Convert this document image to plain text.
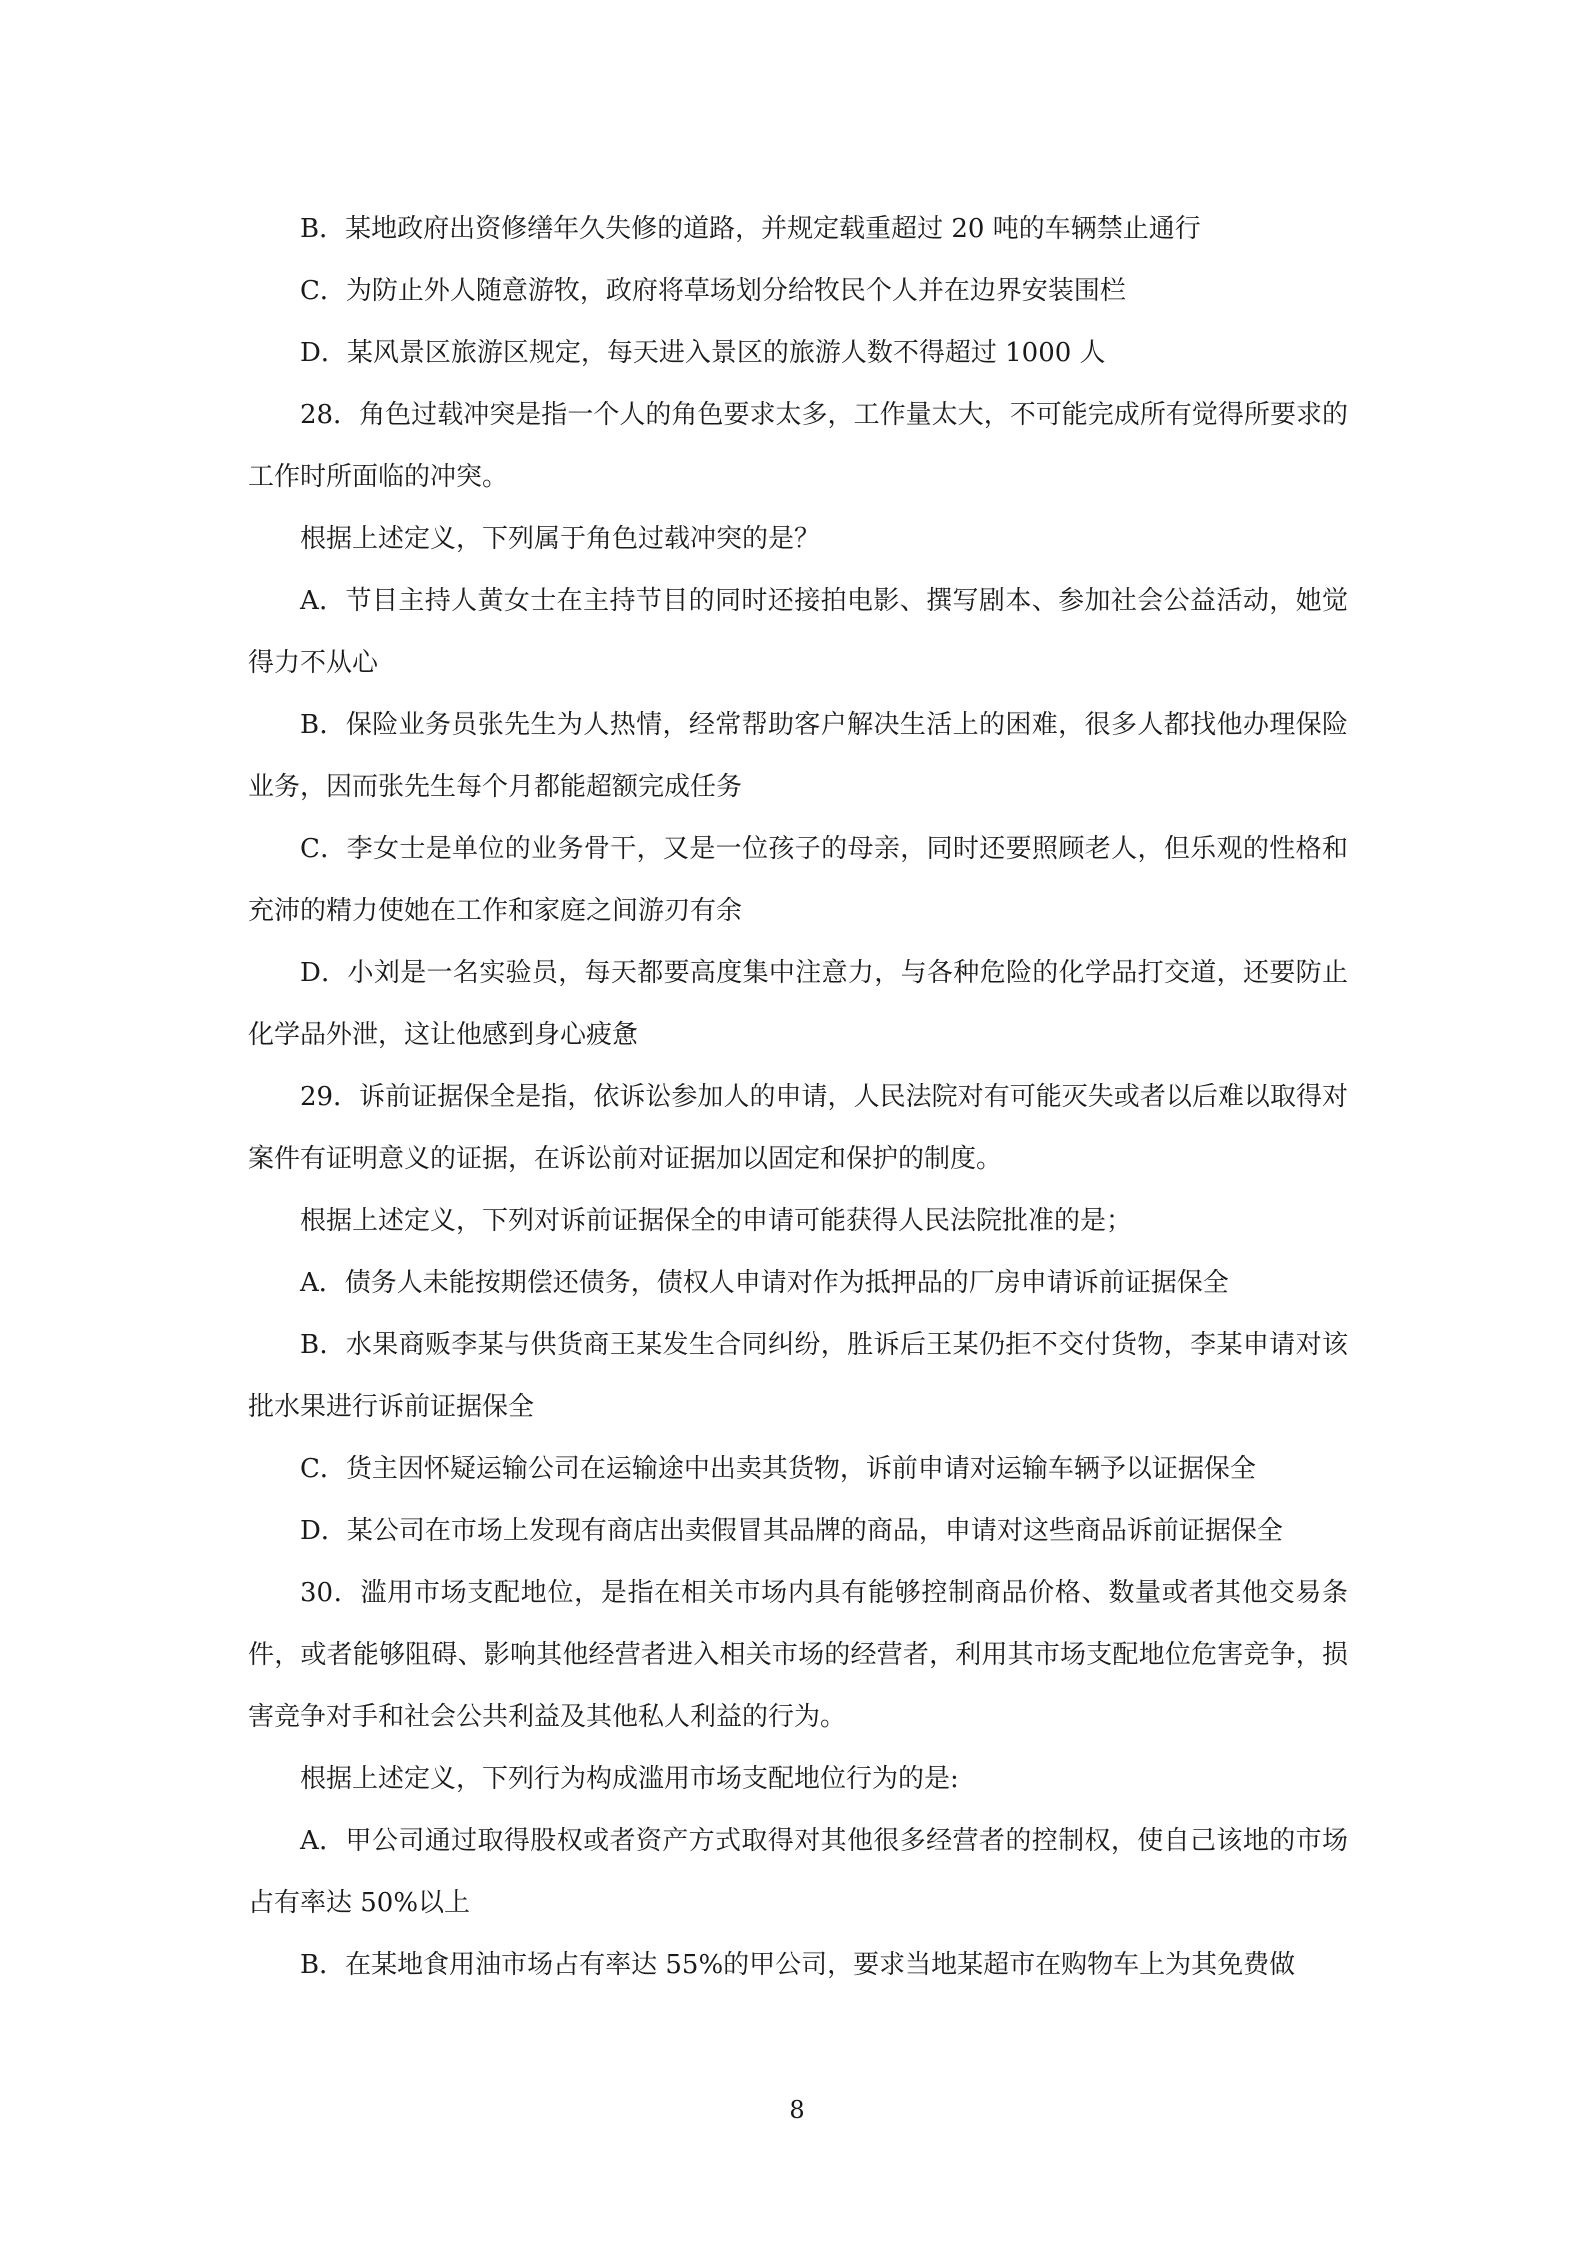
B．某地政府出资修缮年久失修的道路，并规定载重超过 20 吨的车辆禁止通行

C．为防止外人随意游牧，政府将草场划分给牧民个人并在边界安装围栏

D．某风景区旅游区规定，每天进入景区的旅游人数不得超过 1000 人

28．角色过载冲突是指一个人的角色要求太多，工作量太大，不可能完成所有觉得所要求的工作时所面临的冲突。

根据上述定义，下列属于角色过载冲突的是？

A．节目主持人黄女士在主持节目的同时还接拍电影、撰写剧本、参加社会公益活动，她觉得力不从心

B．保险业务员张先生为人热情，经常帮助客户解决生活上的困难，很多人都找他办理保险业务，因而张先生每个月都能超额完成任务

C．李女士是单位的业务骨干，又是一位孩子的母亲，同时还要照顾老人，但乐观的性格和充沛的精力使她在工作和家庭之间游刃有余

D．小刘是一名实验员，每天都要高度集中注意力，与各种危险的化学品打交道，还要防止化学品外泄，这让他感到身心疲惫

29．诉前证据保全是指，依诉讼参加人的申请，人民法院对有可能灭失或者以后难以取得对案件有证明意义的证据，在诉讼前对证据加以固定和保护的制度。

根据上述定义，下列对诉前证据保全的申请可能获得人民法院批准的是；

A．债务人未能按期偿还债务，债权人申请对作为抵押品的厂房申请诉前证据保全

B．水果商贩李某与供货商王某发生合同纠纷，胜诉后王某仍拒不交付货物，李某申请对该批水果进行诉前证据保全

C．货主因怀疑运输公司在运输途中出卖其货物，诉前申请对运输车辆予以证据保全

D．某公司在市场上发现有商店出卖假冒其品牌的商品，申请对这些商品诉前证据保全

30．滥用市场支配地位，是指在相关市场内具有能够控制商品价格、数量或者其他交易条件，或者能够阻碍、影响其他经营者进入相关市场的经营者，利用其市场支配地位危害竞争，损害竞争对手和社会公共利益及其他私人利益的行为。

根据上述定义，下列行为构成滥用市场支配地位行为的是:

A．甲公司通过取得股权或者资产方式取得对其他很多经营者的控制权，使自己该地的市场占有率达 50%以上

B．在某地食用油市场占有率达 55%的甲公司，要求当地某超市在购物车上为其免费做

8
